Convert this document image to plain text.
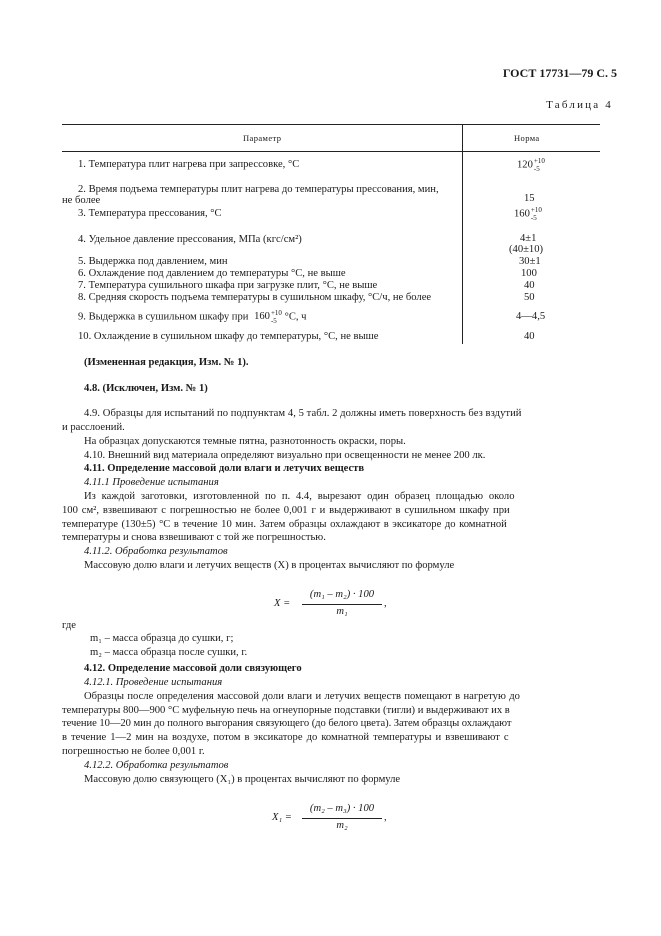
ГОСТ 17731—79 С. 5
Таблица 4
Параметр	Норма
1. Температура плит нагрева при запрессовке, °С	120 +10
-5
2. Время подъема температуры плит нагрева до температуры прессования, мин,
не более	15
3. Температура прессования, °С	160 +10
-5
4. Удельное давление прессования, МПа (кгс/см²)	4±1
(40±10)
5. Выдержка под давлением, мин	30±1
6. Охлаждение под давлением до температуры °С, не выше	100
7. Температура сушильного шкафа при загрузке плит, °С, не выше	40
8. Средняя скорость подъема температуры в сушильном шкафу, °С/ч, не более	50
9. Выдержка в сушильном шкафу при 160 +10
-5 °С, ч	4—4,5
10. Охлаждение в сушильном шкафу до температуры, °С, не выше	40
(Измененная редакция, Изм. № 1).
4.8. (Исключен, Изм. № 1)
4.9. Образцы для испытаний по подпунктам 4, 5 табл. 2 должны иметь поверхность без вздутий
и расслоений.
На образцах допускаются темные пятна, разнотонность окраски, поры.
4.10. Внешний вид материала определяют визуально при освещенности не менее 200 лк.
4.11. Определение массовой доли влаги и летучих веществ
4.11.1 Проведение испытания
Из каждой заготовки, изготовленной по п. 4.4, вырезают один образец площадью около
100 см², взвешивают с погрешностью не более 0,001 г и выдерживают в сушильном шкафу при
температуре (130±5) °С в течение 10 мин. Затем образцы охлаждают в эксикаторе до комнатной
температуры и снова взвешивают с той же погрешностью.
4.11.2. Обработка результатов
Массовую долю влаги и летучих веществ (X) в процентах вычисляют по формуле
X =
(m₁ – m₂) · 100
m₁
,
где
m₁ – масса образца до сушки, г;
m₂ – масса образца после сушки, г.
4.12. Определение массовой доли связующего
4.12.1. Проведение испытания
Образцы после определения массовой доли влаги и летучих веществ помещают в нагретую до
температуры 800—900 °С муфельную печь на огнеупорные подставки (тигли) и выдерживают их в
течение 10—20 мин до полного выгорания связующего (до белого цвета). Затем образцы охлаждают
в течение 1—2 мин на воздухе, потом в эксикаторе до комнатной температуры и взвешивают с
погрешностью не более 0,001 г.
4.12.2. Обработка результатов
Массовую долю связующего (X₁) в процентах вычисляют по формуле
X₁ =
(m₂ – m₃) · 100
m₂
,
